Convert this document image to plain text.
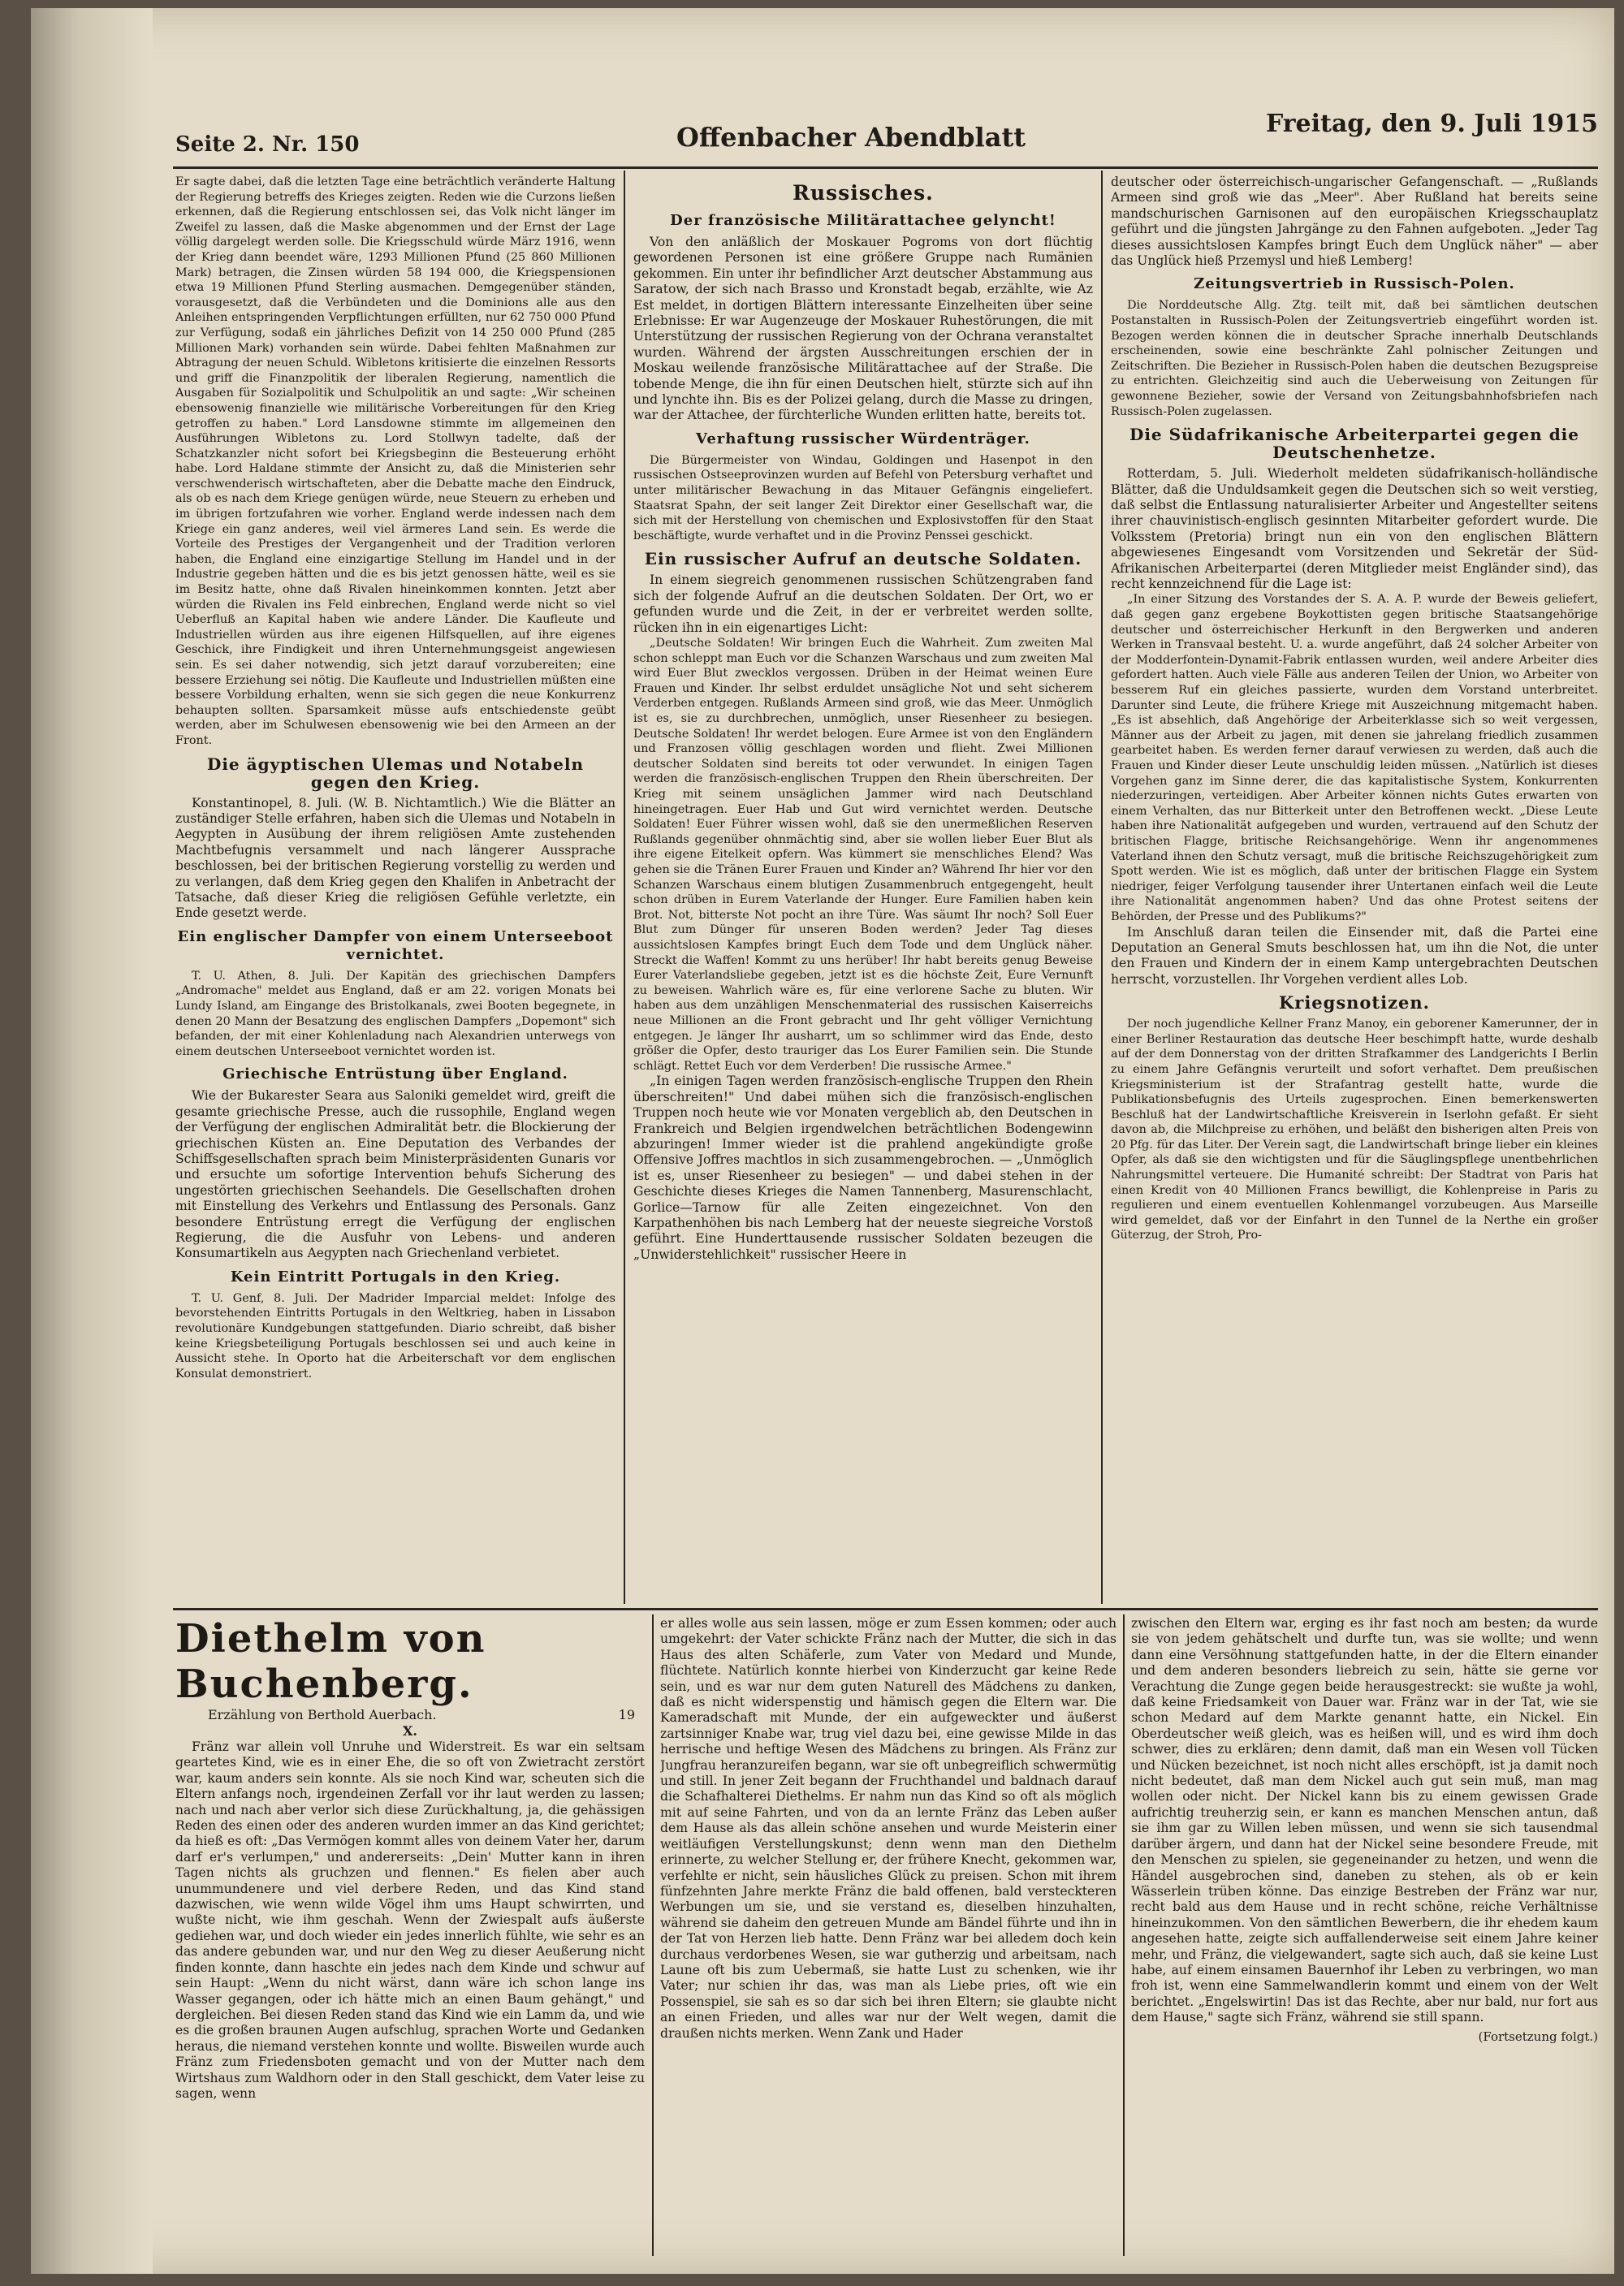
Seite 2. Nr. 150	Offenbacher Abendblatt	Freitag, den 9. Juli 1915

Er sagte dabei, daß die letzten Tage eine beträchtlich veränderte Haltung der Regierung betreffs des Krieges zeigten. Reden wie die Curzons ließen erkennen, daß die Regierung entschlossen sei, das Volk nicht länger im Zweifel zu lassen, daß die Maske abgenommen und der Ernst der Lage völlig dargelegt werden solle. Die Kriegsschuld würde März 1916, wenn der Krieg dann beendet wäre, 1293 Millionen Pfund (25 860 Millionen Mark) betragen, die Zinsen würden 58 194 000, die Kriegspensionen etwa 19 Millionen Pfund Sterling ausmachen. Demgegenüber ständen, vorausgesetzt, daß die Verbündeten und die Dominions alle aus den Anleihen entspringenden Verpflichtungen erfüllten, nur 62 750 000 Pfund zur Verfügung, sodaß ein jährliches Defizit von 14 250 000 Pfund (285 Millionen Mark) vorhanden sein würde. Dabei fehlten Maßnahmen zur Abtragung der neuen Schuld. Wibletons kritisierte die einzelnen Ressorts und griff die Finanzpolitik der liberalen Regierung, namentlich die Ausgaben für Sozialpolitik und Schulpolitik an und sagte: „Wir scheinen ebensowenig finanzielle wie militärische Vorbereitungen für den Krieg getroffen zu haben." Lord Lansdowne stimmte im allgemeinen den Ausführungen Wibletons zu. Lord Stollwyn tadelte, daß der Schatzkanzler nicht sofort bei Kriegsbeginn die Besteuerung erhöht habe. Lord Haldane stimmte der Ansicht zu, daß die Ministerien sehr verschwenderisch wirtschafteten, aber die Debatte mache den Eindruck, als ob es nach dem Kriege genügen würde, neue Steuern zu erheben und im übrigen fortzufahren wie vorher. England werde indessen nach dem Kriege ein ganz anderes, weil viel ärmeres Land sein. Es werde die Vorteile des Prestiges der Vergangenheit und der Tradition verloren haben, die England eine einzigartige Stellung im Handel und in der Industrie gegeben hätten und die es bis jetzt genossen hätte, weil es sie im Besitz hatte, ohne daß Rivalen hineinkommen konnten. Jetzt aber würden die Rivalen ins Feld einbrechen, England werde nicht so viel Ueberfluß an Kapital haben wie andere Länder. Die Kaufleute und Industriellen würden aus ihre eigenen Hilfsquellen, auf ihre eigenes Geschick, ihre Findigkeit und ihren Unternehmungsgeist angewiesen sein. Es sei daher notwendig, sich jetzt darauf vorzubereiten; eine bessere Erziehung sei nötig. Die Kaufleute und Industriellen müßten eine bessere Vorbildung erhalten, wenn sie sich gegen die neue Konkurrenz behaupten sollten. Sparsamkeit müsse aufs entschiedenste geübt werden, aber im Schulwesen ebensowenig wie bei den Armeen an der Front.

Die ägyptischen Ulemas und Notabeln gegen den Krieg.

Konstantinopel, 8. Juli. (W. B. Nichtamtlich.) Wie die Blätter an zuständiger Stelle erfahren, haben sich die Ulemas und Notabeln in Aegypten in Ausübung der ihrem religiösen Amte zustehenden Machtbefugnis versammelt und nach längerer Aussprache beschlossen, bei der britischen Regierung vorstellig zu werden und zu verlangen, daß dem Krieg gegen den Khalifen in Anbetracht der Tatsache, daß dieser Krieg die religiösen Gefühle verletzte, ein Ende gesetzt werde.

Ein englischer Dampfer von einem Unterseeboot vernichtet.

T. U. Athen, 8. Juli. Der Kapitän des griechischen Dampfers „Andromache" meldet aus England, daß er am 22. vorigen Monats bei Lundy Island, am Eingange des Bristolkanals, zwei Booten begegnete, in denen 20 Mann der Besatzung des englischen Dampfers „Dopemont" sich befanden, der mit einer Kohlenladung nach Alexandrien unterwegs von einem deutschen Unterseeboot vernichtet worden ist.

Griechische Entrüstung über England.

Wie der Bukarester Seara aus Saloniki gemeldet wird, greift die gesamte griechische Presse, auch die russophile, England wegen der Verfügung der englischen Admiralität betr. die Blockierung der griechischen Küsten an. Eine Deputation des Verbandes der Schiffsgesellschaften sprach beim Ministerpräsidenten Gunaris vor und ersuchte um sofortige Intervention behufs Sicherung des ungestörten griechischen Seehandels. Die Gesellschaften drohen mit Einstellung des Verkehrs und Entlassung des Personals. Ganz besondere Entrüstung erregt die Verfügung der englischen Regierung, die die Ausfuhr von Lebens- und anderen Konsumartikeln aus Aegypten nach Griechenland verbietet.

Kein Eintritt Portugals in den Krieg.

T. U. Genf, 8. Juli. Der Madrider Imparcial meldet: Infolge des bevorstehenden Eintritts Portugals in den Weltkrieg, haben in Lissabon revolutionäre Kundgebungen stattgefunden. Diario schreibt, daß bisher keine Kriegsbeteiligung Portugals beschlossen sei und auch keine in Aussicht stehe. In Oporto hat die Arbeiterschaft vor dem englischen Konsulat demonstriert.

Russisches.
Der französische Militärattachee gelyncht!

Von den anläßlich der Moskauer Pogroms von dort flüchtig gewordenen Personen ist eine größere Gruppe nach Rumänien gekommen. Ein unter ihr befindlicher Arzt deutscher Abstammung aus Saratow, der sich nach Brasso und Kronstadt begab, erzählte, wie Az Est meldet, in dortigen Blättern interessante Einzelheiten über seine Erlebnisse: Er war Augenzeuge der Moskauer Ruhestörungen, die mit Unterstützung der russischen Regierung von der Ochrana veranstaltet wurden. Während der ärgsten Ausschreitungen erschien der in Moskau weilende französische Militärattachee auf der Straße. Die tobende Menge, die ihn für einen Deutschen hielt, stürzte sich auf ihn und lynchte ihn. Bis es der Polizei gelang, durch die Masse zu dringen, war der Attachee, der fürchterliche Wunden erlitten hatte, bereits tot.

Verhaftung russischer Würdenträger.

Die Bürgermeister von Windau, Goldingen und Hasenpot in den russischen Ostseeprovinzen wurden auf Befehl von Petersburg verhaftet und unter militärischer Bewachung in das Mitauer Gefängnis eingeliefert. Staatsrat Spahn, der seit langer Zeit Direktor einer Gesellschaft war, die sich mit der Herstellung von chemischen und Explosivstoffen für den Staat beschäftigte, wurde verhaftet und in die Provinz Penssei geschickt.

Ein russischer Aufruf an deutsche Soldaten.

In einem siegreich genommenen russischen Schützengraben fand sich der folgende Aufruf an die deutschen Soldaten. Der Ort, wo er gefunden wurde und die Zeit, in der er verbreitet werden sollte, rücken ihn in ein eigenartiges Licht:

„Deutsche Soldaten! Wir bringen Euch die Wahrheit. Zum zweiten Mal schon schleppt man Euch vor die Schanzen Warschaus und zum zweiten Mal wird Euer Blut zwecklos vergossen. Drüben in der Heimat weinen Eure Frauen und Kinder. Ihr selbst erduldet unsägliche Not und seht sicherem Verderben entgegen. Rußlands Armeen sind groß, wie das Meer. Unmöglich ist es, sie zu durchbrechen, unmöglich, unser Riesenheer zu besiegen. Deutsche Soldaten! Ihr werdet belogen. Eure Armee ist von den Engländern und Franzosen völlig geschlagen worden und flieht. Zwei Millionen deutscher Soldaten sind bereits tot oder verwundet. In einigen Tagen werden die französisch-englischen Truppen den Rhein überschreiten. Der Krieg mit seinem unsäglichen Jammer wird nach Deutschland hineingetragen. Euer Hab und Gut wird vernichtet werden. Deutsche Soldaten! Euer Führer wissen wohl, daß sie den unermeßlichen Reserven Rußlands gegenüber ohnmächtig sind, aber sie wollen lieber Euer Blut als ihre eigene Eitelkeit opfern. Was kümmert sie menschliches Elend? Was gehen sie die Tränen Eurer Frauen und Kinder an? Während Ihr hier vor den Schanzen Warschaus einem blutigen Zusammenbruch entgegengeht, heult schon drüben in Eurem Vaterlande der Hunger. Eure Familien haben kein Brot. Not, bitterste Not pocht an ihre Türe. Was säumt Ihr noch? Soll Euer Blut zum Dünger für unseren Boden werden? Jeder Tag dieses aussichtslosen Kampfes bringt Euch dem Tode und dem Unglück näher. Streckt die Waffen! Kommt zu uns herüber! Ihr habt bereits genug Beweise Eurer Vaterlandsliebe gegeben, jetzt ist es die höchste Zeit, Eure Vernunft zu beweisen. Wahrlich wäre es, für eine verlorene Sache zu bluten. Wir haben aus dem unzähligen Menschenmaterial des russischen Kaiserreichs neue Millionen an die Front gebracht und Ihr geht völliger Vernichtung entgegen. Je länger Ihr ausharrt, um so schlimmer wird das Ende, desto größer die Opfer, desto trauriger das Los Eurer Familien sein. Die Stunde schlägt. Rettet Euch vor dem Verderben! Die russische Armee."

„In einigen Tagen werden französisch-englische Truppen den Rhein überschreiten!" Und dabei mühen sich die französisch-englischen Truppen noch heute wie vor Monaten vergeblich ab, den Deutschen in Frankreich und Belgien irgendwelchen beträchtlichen Bodengewinn abzuringen! Immer wieder ist die prahlend angekündigte große Offensive Joffres machtlos in sich zusammengebrochen. — „Unmöglich ist es, unser Riesenheer zu besiegen" — und dabei stehen in der Geschichte dieses Krieges die Namen Tannenberg, Masurenschlacht, Gorlice—Tarnow für alle Zeiten eingezeichnet. Von den Karpathenhöhen bis nach Lemberg hat der neueste siegreiche Vorstoß geführt. Eine Hunderttausende russischer Soldaten bezeugen die „Unwiderstehlichkeit" russischer Heere in

deutscher oder österreichisch-ungarischer Gefangenschaft. — „Rußlands Armeen sind groß wie das „Meer". Aber Rußland hat bereits seine mandschurischen Garnisonen auf den europäischen Kriegsschauplatz geführt und die jüngsten Jahrgänge zu den Fahnen aufgeboten. „Jeder Tag dieses aussichtslosen Kampfes bringt Euch dem Unglück näher" — aber das Unglück hieß Przemysl und hieß Lemberg!

Zeitungsvertrieb in Russisch-Polen.

Die Norddeutsche Allg. Ztg. teilt mit, daß bei sämtlichen deutschen Postanstalten in Russisch-Polen der Zeitungsvertrieb eingeführt worden ist. Bezogen werden können die in deutscher Sprache innerhalb Deutschlands erscheinenden, sowie eine beschränkte Zahl polnischer Zeitungen und Zeitschriften. Die Bezieher in Russisch-Polen haben die deutschen Bezugspreise zu entrichten. Gleichzeitig sind auch die Ueberweisung von Zeitungen für gewonnene Bezieher, sowie der Versand von Zeitungsbahnhofsbriefen nach Russisch-Polen zugelassen.

Die Südafrikanische Arbeiterpartei gegen die Deutschenhetze.

Rotterdam, 5. Juli. Wiederholt meldeten südafrikanisch-holländische Blätter, daß die Unduldsamkeit gegen die Deutschen sich so weit verstieg, daß selbst die Entlassung naturalisierter Arbeiter und Angestellter seitens ihrer chauvinistisch-englisch gesinnten Mitarbeiter gefordert wurde. Die Volksstem (Pretoria) bringt nun ein von den englischen Blättern abgewiesenes Eingesandt vom Vorsitzenden und Sekretär der Süd-Afrikanischen Arbeiterpartei (deren Mitglieder meist Engländer sind), das recht kennzeichnend für die Lage ist:

„In einer Sitzung des Vorstandes der S. A. A. P. wurde der Beweis geliefert, daß gegen ganz ergebene Boykottisten gegen britische Staatsangehörige deutscher und österreichischer Herkunft in den Bergwerken und anderen Werken in Transvaal besteht. U. a. wurde angeführt, daß 24 solcher Arbeiter von der Modderfontein-Dynamit-Fabrik entlassen wurden, weil andere Arbeiter dies gefordert hatten. Auch viele Fälle aus anderen Teilen der Union, wo Arbeiter von besserem Ruf ein gleiches passierte, wurden dem Vorstand unterbreitet. Darunter sind Leute, die frühere Kriege mit Auszeichnung mitgemacht haben. „Es ist absehlich, daß Angehörige der Arbeiterklasse sich so weit vergessen, Männer aus der Arbeit zu jagen, mit denen sie jahrelang friedlich zusammen gearbeitet haben. Es werden ferner darauf verwiesen zu werden, daß auch die Frauen und Kinder dieser Leute unschuldig leiden müssen. „Natürlich ist dieses Vorgehen ganz im Sinne derer, die das kapitalistische System, Konkurrenten niederzuringen, verteidigen. Aber Arbeiter können nichts Gutes erwarten von einem Verhalten, das nur Bitterkeit unter den Betroffenen weckt. „Diese Leute haben ihre Nationalität aufgegeben und wurden, vertrauend auf den Schutz der britischen Flagge, britische Reichsangehörige. Wenn ihr angenommenes Vaterland ihnen den Schutz versagt, muß die britische Reichszugehörigkeit zum Spott werden. Wie ist es möglich, daß unter der britischen Flagge ein System niedriger, feiger Verfolgung tausender ihrer Untertanen einfach weil die Leute ihre Nationalität angenommen haben? Und das ohne Protest seitens der Behörden, der Presse und des Publikums?"

Im Anschluß daran teilen die Einsender mit, daß die Partei eine Deputation an General Smuts beschlossen hat, um ihn die Not, die unter den Frauen und Kindern der in einem Kamp untergebrachten Deutschen herrscht, vorzustellen. Ihr Vorgehen verdient alles Lob.

Kriegsnotizen.

Der noch jugendliche Kellner Franz Manoy, ein geborener Kamerunner, der in einer Berliner Restauration das deutsche Heer beschimpft hatte, wurde deshalb auf der dem Donnerstag von der dritten Strafkammer des Landgerichts I Berlin zu einem Jahre Gefängnis verurteilt und sofort verhaftet. Dem preußischen Kriegsministerium ist der Strafantrag gestellt hatte, wurde die Publikationsbefugnis des Urteils zugesprochen. Einen bemerkenswerten Beschluß hat der Landwirtschaftliche Kreisverein in Iserlohn gefaßt. Er sieht davon ab, die Milchpreise zu erhöhen, und beläßt den bisherigen alten Preis von 20 Pfg. für das Liter. Der Verein sagt, die Landwirtschaft bringe lieber ein kleines Opfer, als daß sie den wichtigsten und für die Säuglingspflege unentbehrlichen Nahrungsmittel verteuere. Die Humanité schreibt: Der Stadtrat von Paris hat einen Kredit von 40 Millionen Francs bewilligt, die Kohlenpreise in Paris zu regulieren und einem eventuellen Kohlenmangel vorzubeugen. Aus Marseille wird gemeldet, daß vor der Einfahrt in den Tunnel de la Nerthe ein großer Güterzug, der Stroh, Pro-

Diethelm von Buchenberg.
Erzählung von Berthold Auerbach.	19
X.

Fränz war allein voll Unruhe und Widerstreit. Es war ein seltsam geartetes Kind, wie es in einer Ehe, die so oft von Zwietracht zerstört war, kaum anders sein konnte. Als sie noch Kind war, scheuten sich die Eltern anfangs noch, irgendeinen Zerfall vor ihr laut werden zu lassen; nach und nach aber verlor sich diese Zurückhaltung, ja, die gehässigen Reden des einen oder des anderen wurden immer an das Kind gerichtet; da hieß es oft: „Das Vermögen kommt alles von deinem Vater her, darum darf er's verlumpen," und andererseits: „Dein' Mutter kann in ihren Tagen nichts als gruchzen und flennen." Es fielen aber auch unummundenere und viel derbere Reden, und das Kind stand dazwischen, wie wenn wilde Vögel ihm ums Haupt schwirrten, und wußte nicht, wie ihm geschah. Wenn der Zwiespalt aufs äußerste gediehen war, und doch wieder ein jedes innerlich fühlte, wie sehr es an das andere gebunden war, und nur den Weg zu dieser Aeußerung nicht finden konnte, dann haschte ein jedes nach dem Kinde und schwur auf sein Haupt: „Wenn du nicht wärst, dann wäre ich schon lange ins Wasser gegangen, oder ich hätte mich an einen Baum gehängt," und dergleichen. Bei diesen Reden stand das Kind wie ein Lamm da, und wie es die großen braunen Augen aufschlug, sprachen Worte und Gedanken heraus, die niemand verstehen konnte und wollte. Bisweilen wurde auch Fränz zum Friedensboten gemacht und von der Mutter nach dem Wirtshaus zum Waldhorn oder in den Stall geschickt, dem Vater leise zu sagen, wenn

er alles wolle aus sein lassen, möge er zum Essen kommen; oder auch umgekehrt: der Vater schickte Fränz nach der Mutter, die sich in das Haus des alten Schäferle, zum Vater von Medard und Munde, flüchtete. Natürlich konnte hierbei von Kinderzucht gar keine Rede sein, und es war nur dem guten Naturell des Mädchens zu danken, daß es nicht widerspenstig und hämisch gegen die Eltern war. Die Kameradschaft mit Munde, der ein aufgeweckter und äußerst zartsinniger Knabe war, trug viel dazu bei, eine gewisse Milde in das herrische und heftige Wesen des Mädchens zu bringen. Als Fränz zur Jungfrau heranzureifen begann, war sie oft unbegreiflich schwermütig und still. In jener Zeit begann der Fruchthandel und baldnach darauf die Schafhalterei Diethelms. Er nahm nun das Kind so oft als möglich mit auf seine Fahrten, und von da an lernte Fränz das Leben außer dem Hause als das allein schöne ansehen und wurde Meisterin einer weitläufigen Verstellungskunst; denn wenn man den Diethelm erinnerte, zu welcher Stellung er, der frühere Knecht, gekommen war, verfehlte er nicht, sein häusliches Glück zu preisen. Schon mit ihrem fünfzehnten Jahre merkte Fränz die bald offenen, bald versteckteren Werbungen um sie, und sie verstand es, dieselben hinzuhalten, während sie daheim den getreuen Munde am Bändel führte und ihn in der Tat von Herzen lieb hatte. Denn Fränz war bei alledem doch kein durchaus verdorbenes Wesen, sie war gutherzig und arbeitsam, nach Laune oft bis zum Uebermaß, sie hatte Lust zu schenken, wie ihr Vater; nur schien ihr das, was man als Liebe pries, oft wie ein Possenspiel, sie sah es so dar sich bei ihren Eltern; sie glaubte nicht an einen Frieden, und alles war nur der Welt wegen, damit die draußen nichts merken. Wenn Zank und Hader

zwischen den Eltern war, erging es ihr fast noch am besten; da wurde sie von jedem gehätschelt und durfte tun, was sie wollte; und wenn dann eine Versöhnung stattgefunden hatte, in der die Eltern einander und dem anderen besonders liebreich zu sein, hätte sie gerne vor Verachtung die Zunge gegen beide herausgestreckt: sie wußte ja wohl, daß keine Friedsamkeit von Dauer war. Fränz war in der Tat, wie sie schon Medard auf dem Markte genannt hatte, ein Nickel. Ein Oberdeutscher weiß gleich, was es heißen will, und es wird ihm doch schwer, dies zu erklären; denn damit, daß man ein Wesen voll Tücken und Nücken bezeichnet, ist noch nicht alles erschöpft, ist ja damit noch nicht bedeutet, daß man dem Nickel auch gut sein muß, man mag wollen oder nicht. Der Nickel kann bis zu einem gewissen Grade aufrichtig treuherzig sein, er kann es manchen Menschen antun, daß sie ihm gar zu Willen leben müssen, und wenn sie sich tausendmal darüber ärgern, und dann hat der Nickel seine besondere Freude, mit den Menschen zu spielen, sie gegeneinander zu hetzen, und wenn die Händel ausgebrochen sind, daneben zu stehen, als ob er kein Wässerlein trüben könne. Das einzige Bestreben der Fränz war nur, recht bald aus dem Hause und in recht schöne, reiche Verhältnisse hineinzukommen. Von den sämtlichen Bewerbern, die ihr ehedem kaum angesehen hatte, zeigte sich auffallenderweise seit einem Jahre keiner mehr, und Fränz, die vielgewandert, sagte sich auch, daß sie keine Lust habe, auf einem einsamen Bauernhof ihr Leben zu verbringen, wo man froh ist, wenn eine Sammelwandlerin kommt und einem von der Welt berichtet. „Engelswirtin! Das ist das Rechte, aber nur bald, nur fort aus dem Hause," sagte sich Fränz, während sie still spann.

(Fortsetzung folgt.)
